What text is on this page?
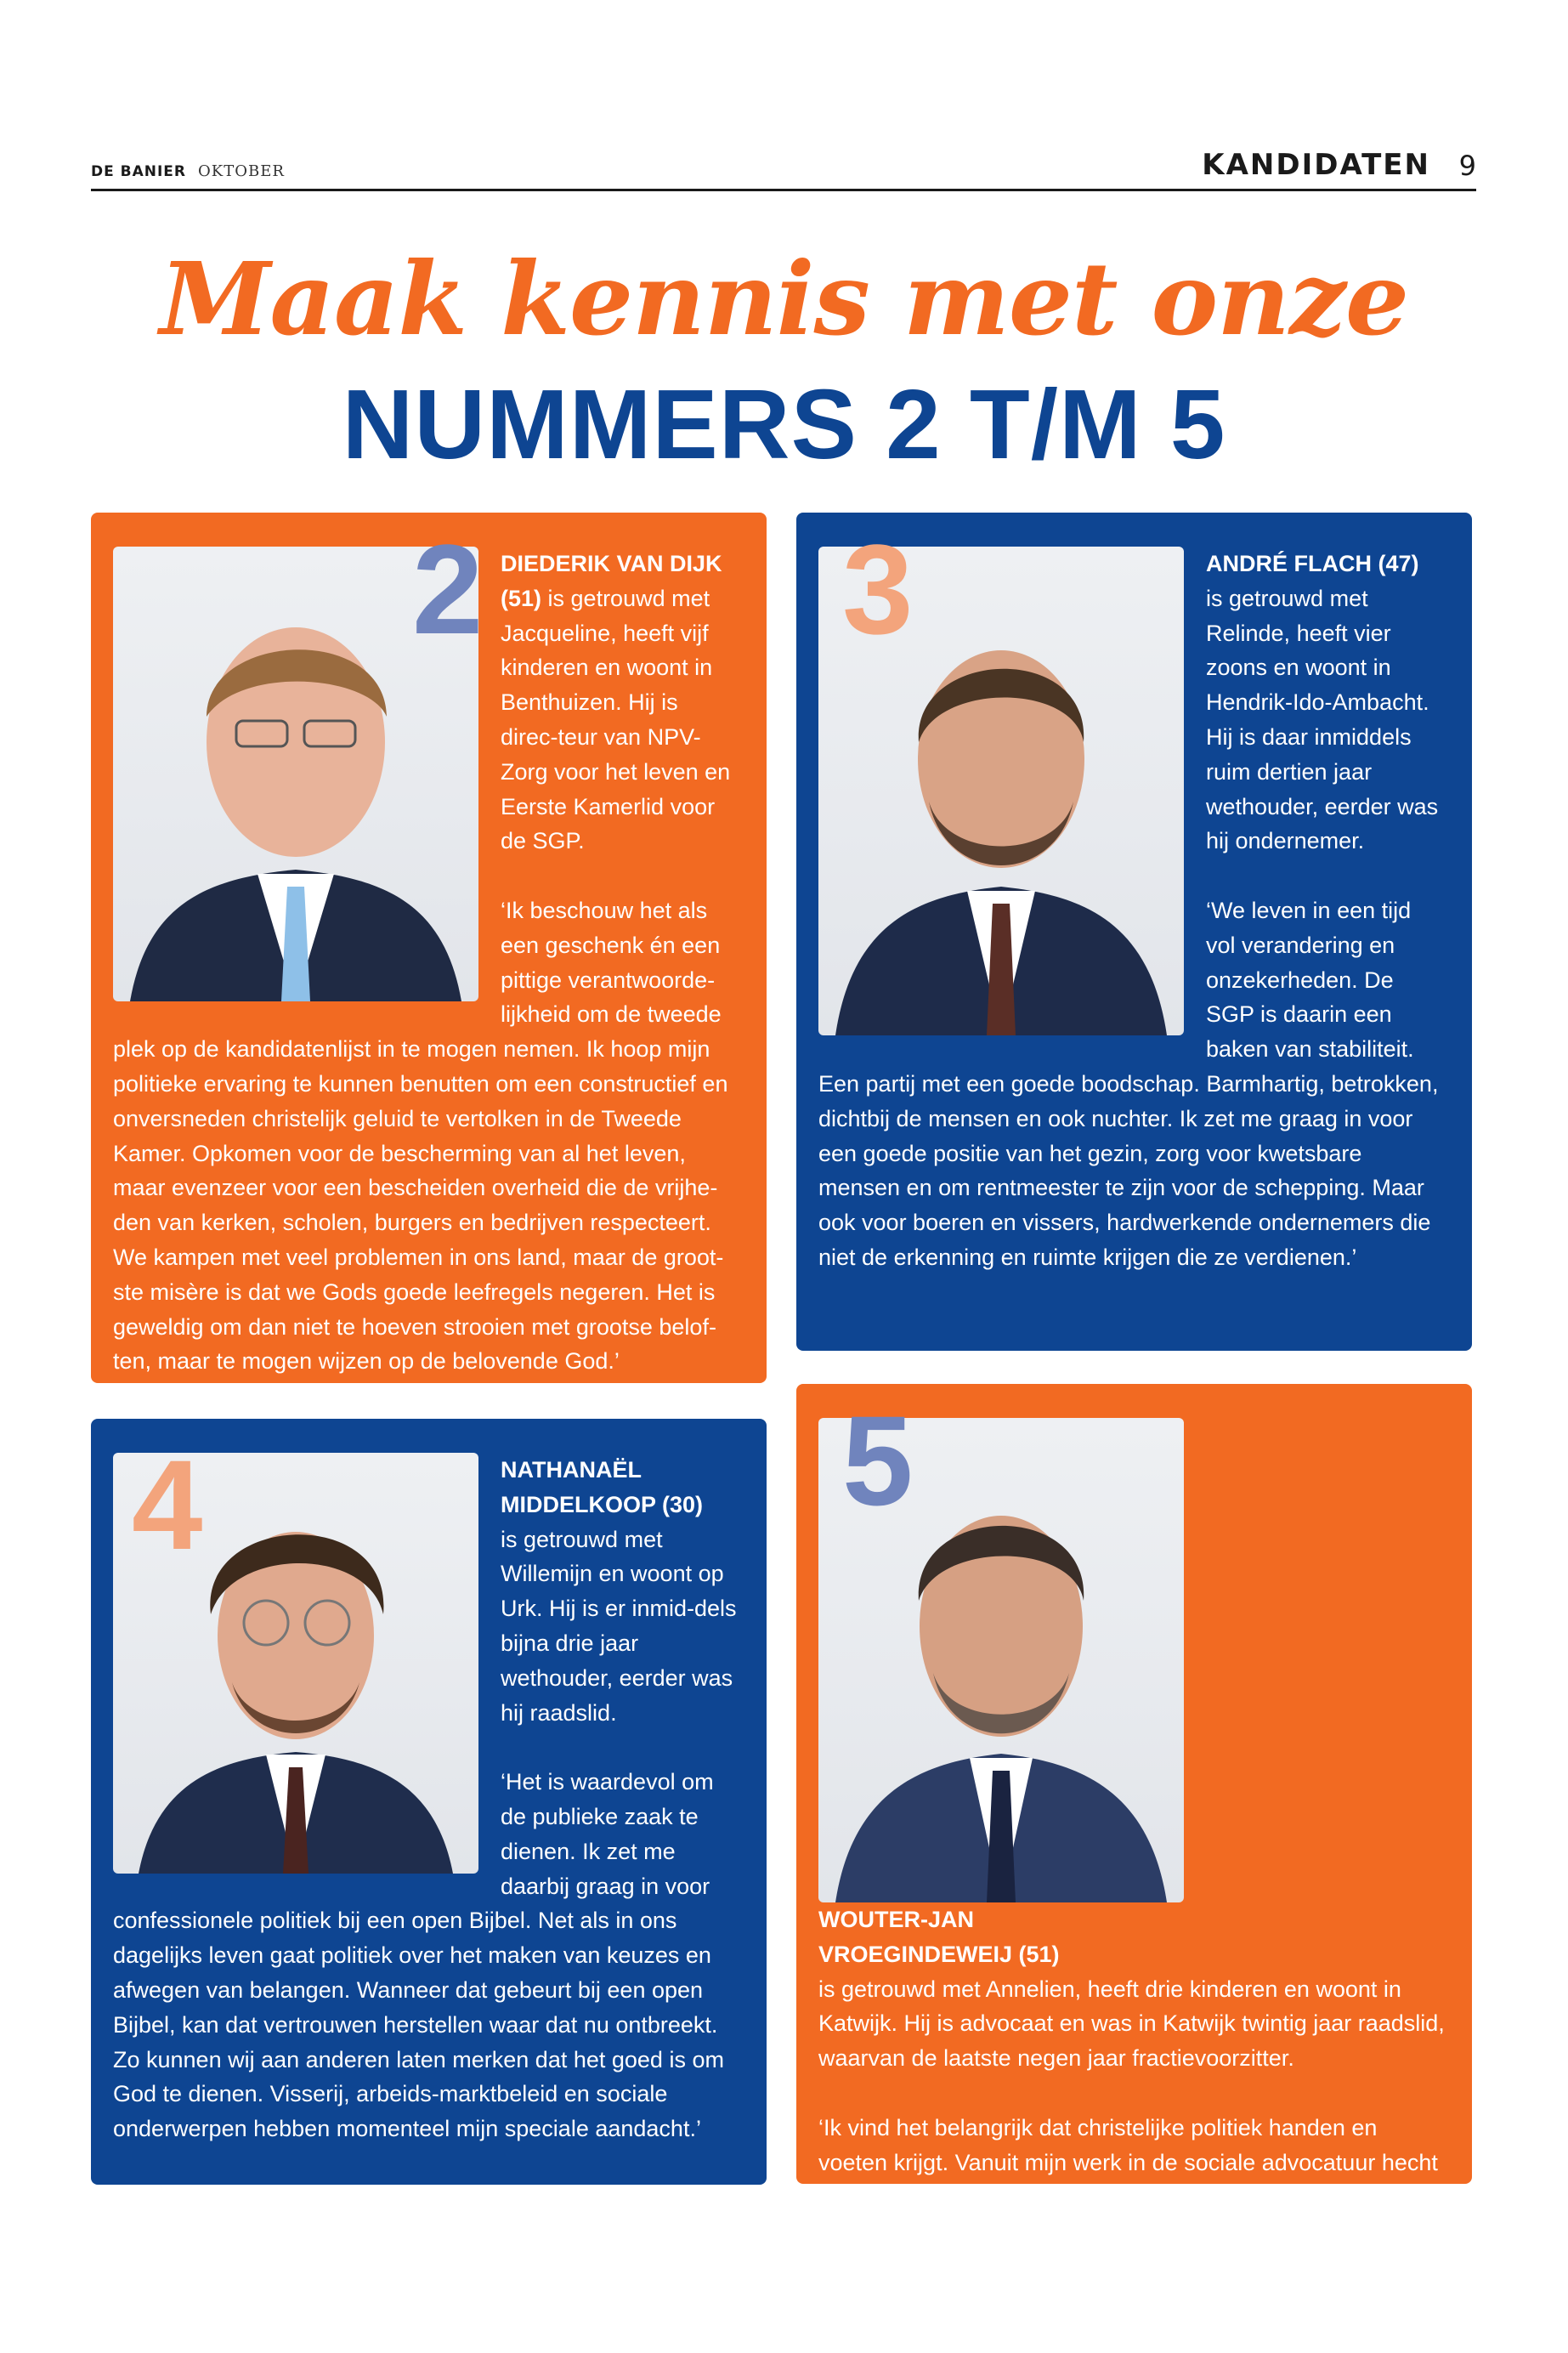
DE BANIER OKTOBER	KANDIDATEN 9
Maak kennis met onze
NUMMERS 2 T/M 5
2 DIEDERIK VAN DIJK (51) is getrouwd met Jacqueline, heeft vijf kinderen en woont in Benthuizen. Hij is direc-teur van NPV-Zorg voor het leven en Eerste Kamerlid voor de SGP.

‘Ik beschouw het als een geschenk én een pittige verantwoorde-lijkheid om de tweede plek op de kandidatenlijst in te mogen nemen. Ik hoop mijn politieke ervaring te kunnen benutten om een constructief en onversneden christelijk geluid te vertolken in de Tweede Kamer. Opkomen voor de bescherming van al het leven, maar evenzeer voor een bescheiden overheid die de vrijhe-den van kerken, scholen, burgers en bedrijven respecteert. We kampen met veel problemen in ons land, maar de groot-ste misère is dat we Gods goede leefregels negeren. Het is geweldig om dan niet te hoeven strooien met grootse belof-ten, maar te mogen wijzen op de belovende God.’

3	ANDRÉ FLACH (47)
is getrouwd met Relinde, heeft vier zoons en woont in Hendrik-Ido-Ambacht. Hij is daar inmiddels ruim dertien jaar wethouder, eerder was hij ondernemer.

‘We leven in een tijd vol verandering en onzekerheden. De SGP is daarin een baken van stabiliteit. Een partij met een goede boodschap. Barmhartig, betrokken, dichtbij de mensen en ook nuchter. Ik zet me graag in voor een goede positie van het gezin, zorg voor kwetsbare mensen en om rentmeester te zijn voor de schepping. Maar ook voor boeren en vissers, hardwerkende ondernemers die niet de erkenning en ruimte krijgen die ze verdienen.’

4	NATHANAËL MIDDELKOOP (30)
is getrouwd met Willemijn en woont op Urk. Hij is er inmid-dels bijna drie jaar wethouder, eerder was hij raadslid.

‘Het is waardevol om de publieke zaak te dienen. Ik zet me daarbij graag in voor confessionele politiek bij een open Bijbel. Net als in ons dagelijks leven gaat politiek over het maken van keuzes en afwegen van belangen. Wanneer dat gebeurt bij een open Bijbel, kan dat vertrouwen herstellen waar dat nu ontbreekt. Zo kunnen wij aan anderen laten merken dat het goed is om God te dienen. Visserij, arbeids-marktbeleid en sociale onderwerpen hebben momenteel mijn speciale aandacht.’

5

WOUTER-JAN VROEGINDEWEIJ (51)
is getrouwd met Annelien, heeft drie kinderen en woont in Katwijk. Hij is advocaat en was in Katwijk twintig jaar raadslid, waarvan de laatste negen jaar fractievoorzitter.

‘Ik vind het belangrijk dat christelijke politiek handen en voeten krijgt. Vanuit mijn werk in de sociale advocatuur hecht ik aan het bewaren van de rechtsstaat en heb ik speciaal oog voor mensen die financieel in de knel komen. Het is van belang dat kwetsbare groepen in de samenleving niet vermalen worden bij de uitvoering van een wet, maar goede rechtsbescherming krijgen.’
